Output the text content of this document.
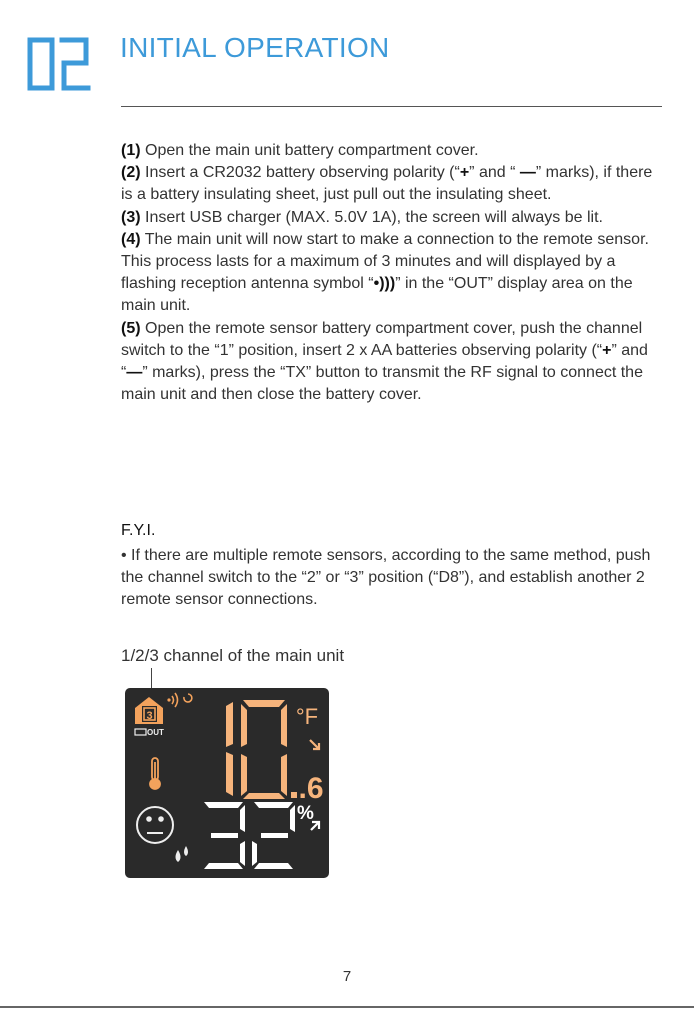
INITIAL OPERATION

(1) Open the main unit battery compartment cover.

(2) Insert a CR2032 battery observing polarity (“+” and “ —” marks), if there is a battery insulating sheet, just pull out the insulating sheet.

(3) Insert USB charger (MAX. 5.0V 1A), the screen will always be lit.

(4) The main unit will now start to make a connection to the remote sensor. This process lasts for a maximum of 3 minutes and will displayed by a flashing reception antenna symbol “•)))” in the “OUT” display area on the main unit.

(5) Open the remote sensor battery compartment cover, push the channel switch to the “1” position, insert 2 x AA batteries observing polarity (“+” and “—” marks), press the “TX” button to transmit the RF signal to connect the main unit and then close the battery cover.

F.Y.I.
• If there are multiple remote sensors, according to the same method, push the channel switch to the “2” or “3” position (“D8”), and establish another 2 remote sensor connections.
1/2/3 channel of the main unit
3
OUT
.6
°F
%
7
